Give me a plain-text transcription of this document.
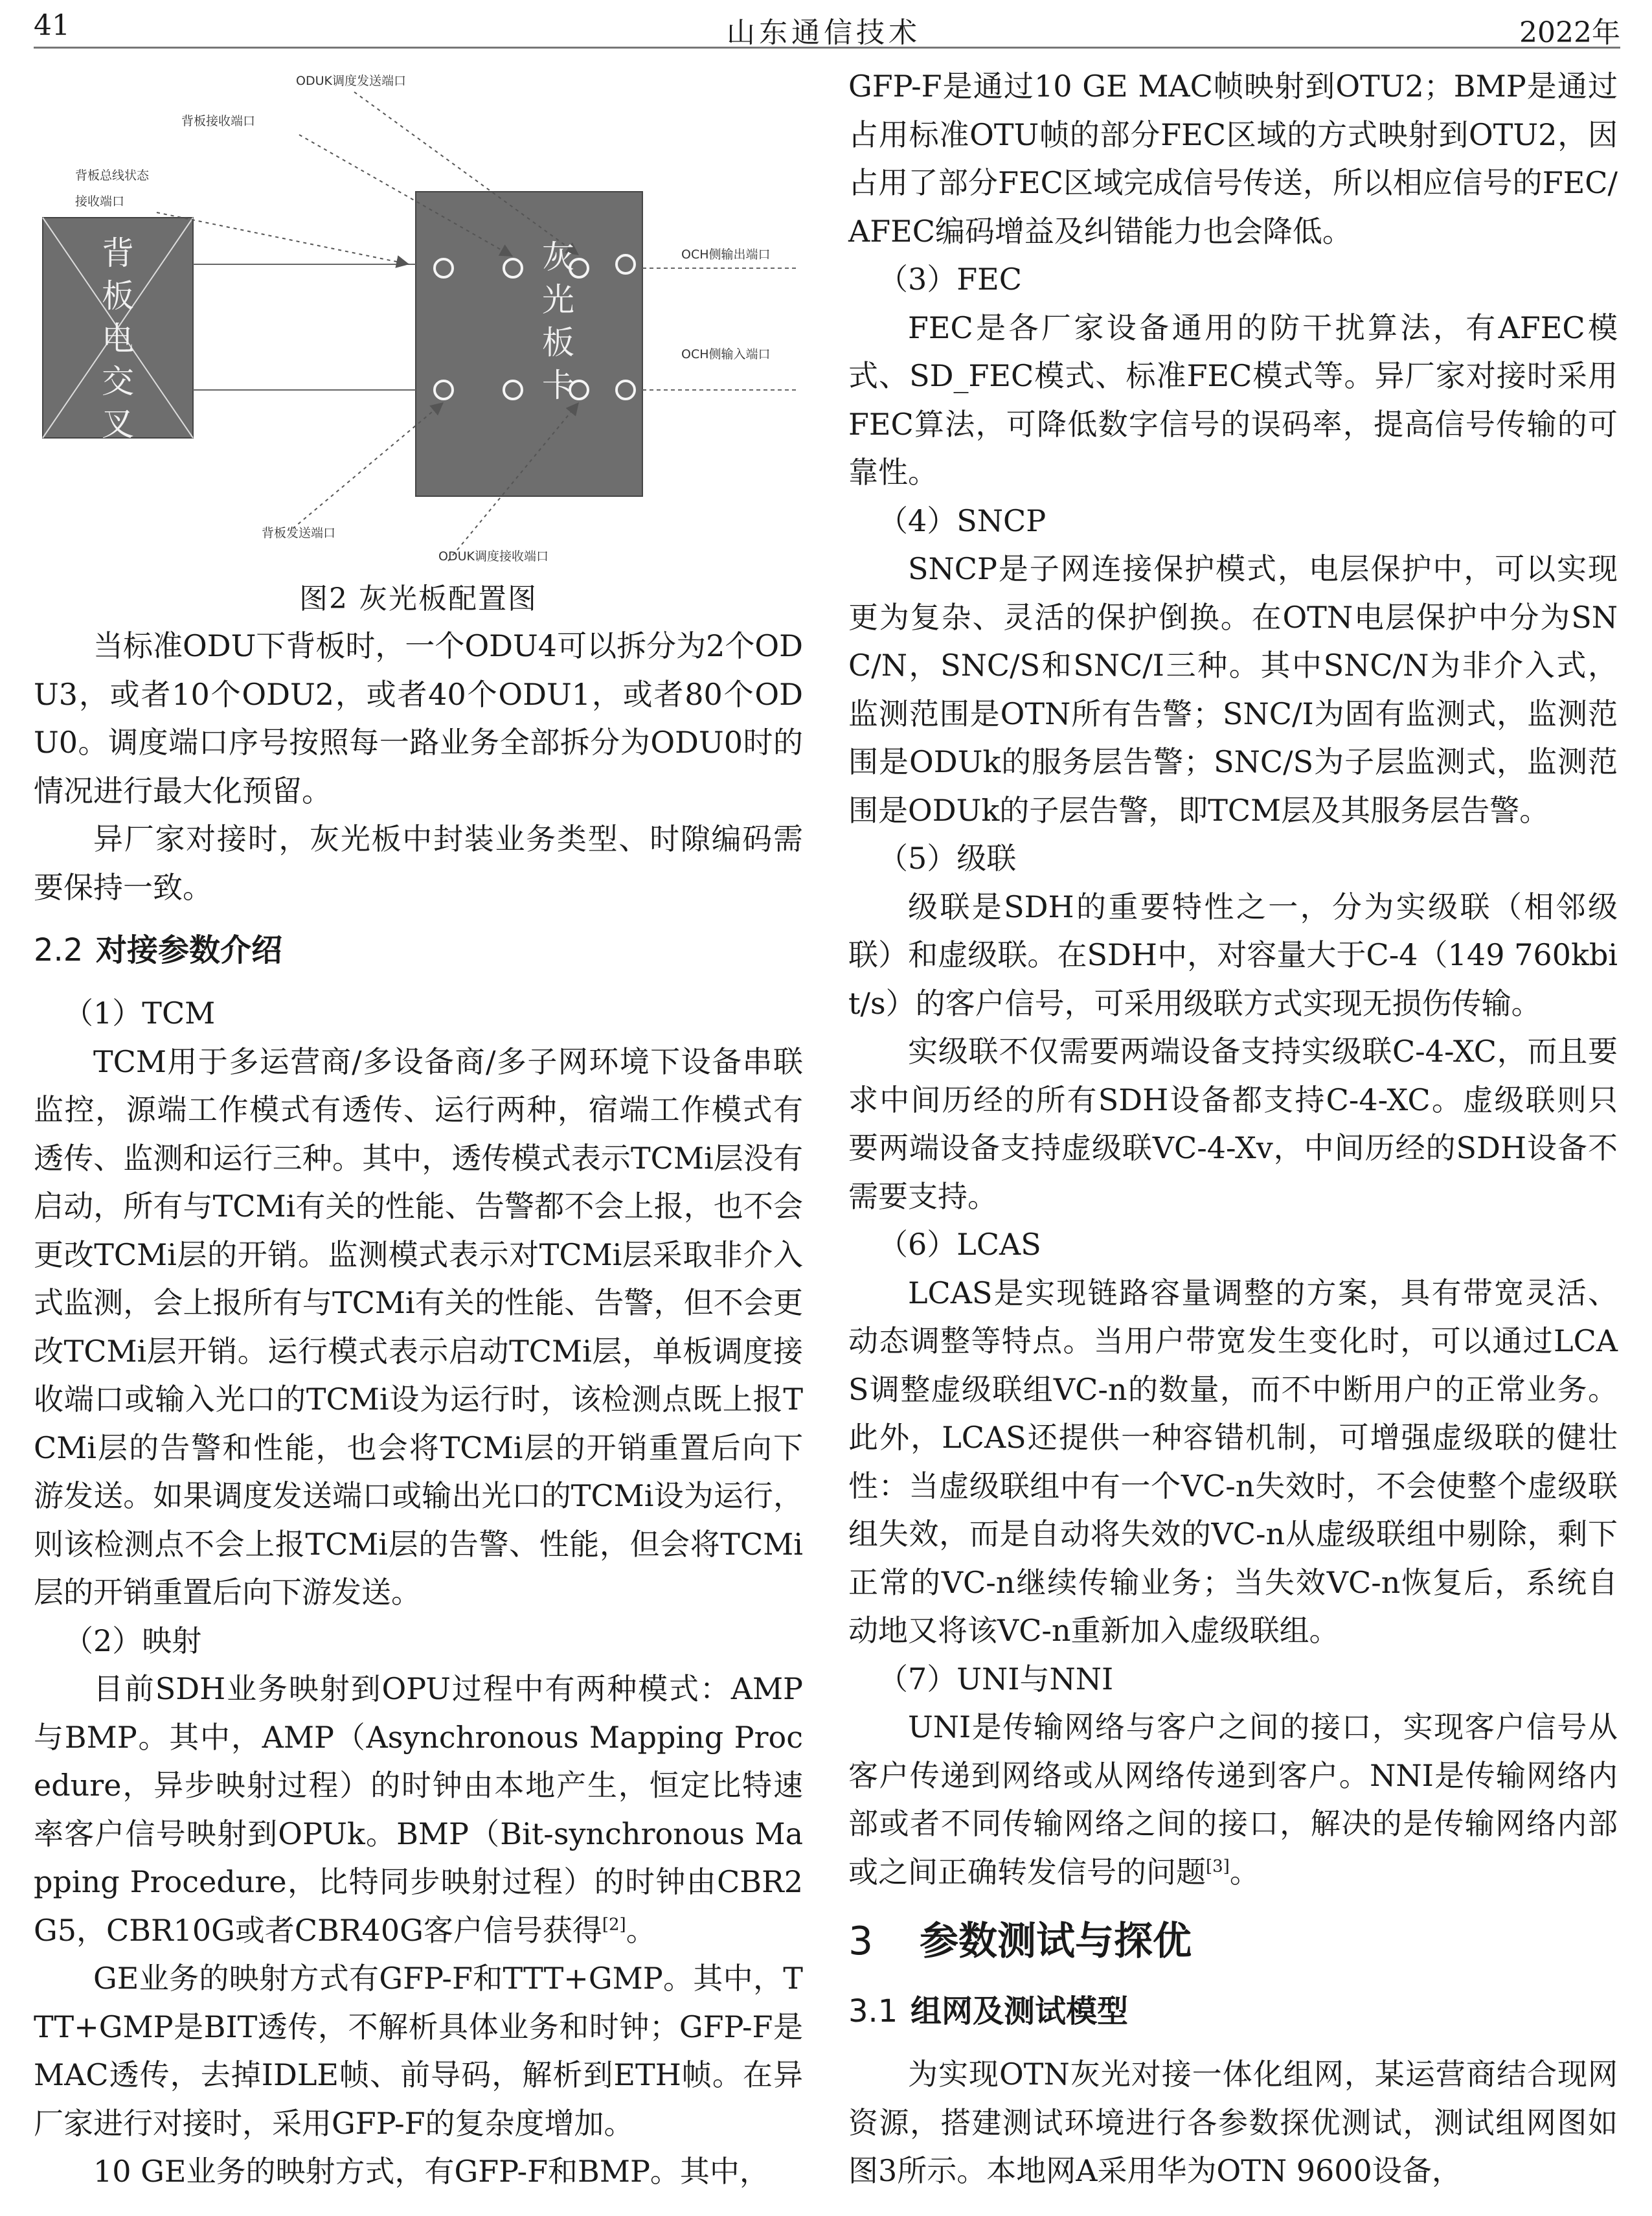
41	山东通信技术	2022年
ODUK调度发送端口
背板接收端口
背板总线状态
接收端口
OCH侧输出端口
OCH侧输入端口
背板发送端口
ODUK调度接收端口
背板电交叉
灰光板卡

图2 灰光板配置图

当标准ODU下背板时，一个ODU4可以拆分为2个ODU3，或者10个ODU2，或者40个ODU1，或者80个ODU0。调度端口序号按照每一路业务全部拆分为ODU0时的情况进行最大化预留。

异厂家对接时，灰光板中封装业务类型、时隙编码需要保持一致。

2.2 对接参数介绍

（1）TCM

TCM用于多运营商/多设备商/多子网环境下设备串联监控，源端工作模式有透传、运行两种，宿端工作模式有透传、监测和运行三种。其中，透传模式表示TCMi层没有启动，所有与TCMi有关的性能、告警都不会上报，也不会更改TCMi层的开销。监测模式表示对TCMi层采取非介入式监测，会上报所有与TCMi有关的性能、告警，但不会更改TCMi层开销。运行模式表示启动TCMi层，单板调度接收端口或输入光口的TCMi设为运行时，该检测点既上报TCMi层的告警和性能，也会将TCMi层的开销重置后向下游发送。如果调度发送端口或输出光口的TCMi设为运行，则该检测点不会上报TCMi层的告警、性能，但会将TCMi层的开销重置后向下游发送。

（2）映射

目前SDH业务映射到OPU过程中有两种模式：AMP与BMP。其中，AMP（Asynchronous Mapping Procedure，异步映射过程）的时钟由本地产生，恒定比特速率客户信号映射到OPUk。BMP（Bit-synchronous Mapping Procedure，比特同步映射过程）的时钟由CBR2G5，CBR10G或者CBR40G客户信号获得[2]。

GE业务的映射方式有GFP-F和TTT+GMP。其中，TTT+GMP是BIT透传，不解析具体业务和时钟；GFP-F是MAC透传，去掉IDLE帧、前导码，解析到ETH帧。在异厂家进行对接时，采用GFP-F的复杂度增加。

10 GE业务的映射方式，有GFP-F和BMP。其中，

GFP-F是通过10 GE MAC帧映射到OTU2；BMP是通过占用标准OTU帧的部分FEC区域的方式映射到OTU2，因占用了部分FEC区域完成信号传送，所以相应信号的FEC/AFEC编码增益及纠错能力也会降低。

（3）FEC

FEC是各厂家设备通用的防干扰算法，有AFEC模式、SD_FEC模式、标准FEC模式等。异厂家对接时采用FEC算法，可降低数字信号的误码率，提高信号传输的可靠性。

（4）SNCP

SNCP是子网连接保护模式，电层保护中，可以实现更为复杂、灵活的保护倒换。在OTN电层保护中分为SNC/N，SNC/S和SNC/I三种。其中SNC/N为非介入式，监测范围是OTN所有告警；SNC/I为固有监测式，监测范围是ODUk的服务层告警；SNC/S为子层监测式，监测范围是ODUk的子层告警，即TCM层及其服务层告警。

（5）级联

级联是SDH的重要特性之一，分为实级联（相邻级联）和虚级联。在SDH中，对容量大于C-4（149 760kbit/s）的客户信号，可采用级联方式实现无损伤传输。

实级联不仅需要两端设备支持实级联C-4-XC，而且要求中间历经的所有SDH设备都支持C-4-XC。虚级联则只要两端设备支持虚级联VC-4-Xv，中间历经的SDH设备不需要支持。

（6）LCAS

LCAS是实现链路容量调整的方案，具有带宽灵活、动态调整等特点。当用户带宽发生变化时，可以通过LCAS调整虚级联组VC-n的数量，而不中断用户的正常业务。此外，LCAS还提供一种容错机制，可增强虚级联的健壮性：当虚级联组中有一个VC-n失效时，不会使整个虚级联组失效，而是自动将失效的VC-n从虚级联组中剔除，剩下正常的VC-n继续传输业务；当失效VC-n恢复后，系统自动地又将该VC-n重新加入虚级联组。

（7）UNI与NNI

UNI是传输网络与客户之间的接口，实现客户信号从客户传递到网络或从网络传递到客户。NNI是传输网络内部或者不同传输网络之间的接口，解决的是传输网络内部或之间正确转发信号的问题[3]。

3 参数测试与探优
3.1 组网及测试模型

为实现OTN灰光对接一体化组网，某运营商结合现网资源，搭建测试环境进行各参数探优测试，测试组网图如图3所示。本地网A采用华为OTN 9600设备，
